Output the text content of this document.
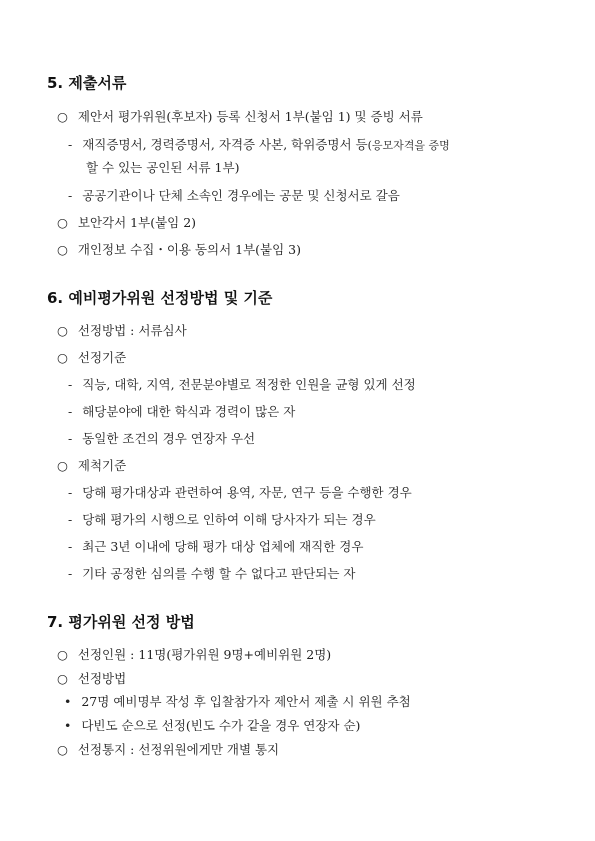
5. 제출서류
○ 제안서 평가위원(후보자) 등록 신청서 1부(붙임 1) 및 증빙 서류
- 재직증명서, 경력증명서, 자격증 사본, 학위증명서 등(응모자격을 증명
할 수 있는 공인된 서류 1부)
- 공공기관이나 단체 소속인 경우에는 공문 및 신청서로 갈음
○ 보안각서 1부(붙임 2)
○ 개인정보 수집・이용 동의서 1부(붙임 3)
6. 예비평가위원 선정방법 및 기준
○ 선정방법 : 서류심사
○ 선정기준
- 직능, 대학, 지역, 전문분야별로 적정한 인원을 균형 있게 선정
- 해당분야에 대한 학식과 경력이 많은 자
- 동일한 조건의 경우 연장자 우선
○ 제척기준
- 당해 평가대상과 관련하여 용역, 자문, 연구 등을 수행한 경우
- 당해 평가의 시행으로 인하여 이해 당사자가 되는 경우
- 최근 3년 이내에 당해 평가 대상 업체에 재직한 경우
- 기타 공정한 심의를 수행 할 수 없다고 판단되는 자
7. 평가위원 선정 방법
○ 선정인원 : 11명(평가위원 9명+예비위원 2명)
○ 선정방법
• 27명 예비명부 작성 후 입찰참가자 제안서 제출 시 위원 추첨
• 다빈도 순으로 선정(빈도 수가 같을 경우 연장자 순)
○ 선정통지 : 선정위원에게만 개별 통지
